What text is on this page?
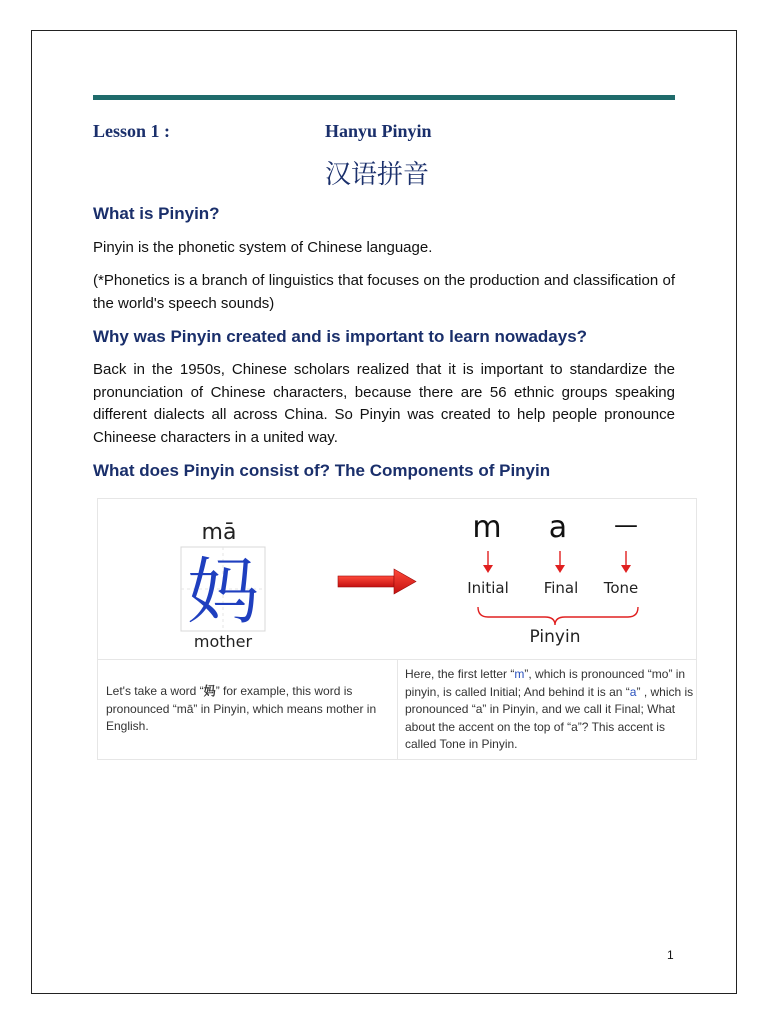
Lesson 1 :	Hanyu Pinyin
汉语拼音
What is Pinyin?
Pinyin is the phonetic system of Chinese language.
(*Phonetics is a branch of linguistics that focuses on the production and classification of the world's speech sounds)
Why was Pinyin created and is important to learn nowadays?
Back in the 1950s, Chinese scholars realized that it is important to standardize the pronunciation of Chinese characters, because there are 56 ethnic groups speaking different dialects all across China. So Pinyin was created to help people pronounce Chineese characters in a united way.
What does Pinyin consist of? The Components of Pinyin
mā
妈
mother
m a —
Initial Final Tone
Pinyin
Let's take a word “妈” for example, this word is pronounced “mā” in Pinyin, which means mother in English.
Here, the first letter “m”, which is pronounced “mo” in pinyin, is called Initial; And behind it is an “a” , which is pronounced “a” in Pinyin, and we call it Final; What about the accent on the top of “a”? This accent is called Tone in Pinyin.
1
